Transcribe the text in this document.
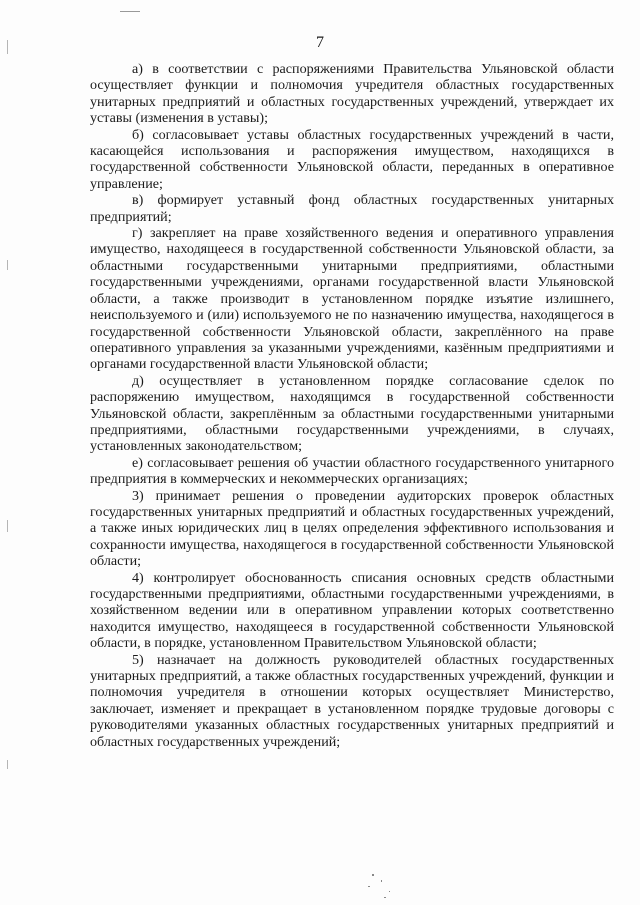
7

а) в соответствии с распоряжениями Правительства Ульяновской области осуществляет функции и полномочия учредителя областных государственных унитарных предприятий и областных государственных учреждений, утверждает их уставы (изменения в уставы);

б) согласовывает уставы областных государственных учреждений в части, касающейся использования и распоряжения имуществом, находящихся в государственной собственности Ульяновской области, переданных в оперативное управление;

в) формирует уставный фонд областных государственных унитарных предприятий;

г) закрепляет на праве хозяйственного ведения и оперативного управления имущество, находящееся в государственной собственности Ульяновской области, за областными государственными унитарными предприятиями, областными государственными учреждениями, органами государственной власти Ульяновской области, а также производит в установленном порядке изъятие излишнего, неиспользуемого и (или) используемого не по назначению имущества, находящегося в государственной собственности Ульяновской области, закреплённого на праве оперативного управления за указанными учреждениями, казённым предприятиями и органами государственной власти Ульяновской области;

д) осуществляет в установленном порядке согласование сделок по распоряжению имуществом, находящимся в государственной собственности Ульяновской области, закреплённым за областными государственными унитарными предприятиями, областными государственными учреждениями, в случаях, установленных законодательством;

е) согласовывает решения об участии областного государственного унитарного предприятия в коммерческих и некоммерческих организациях;

3) принимает решения о проведении аудиторских проверок областных государственных унитарных предприятий и областных государственных учреждений, а также иных юридических лиц в целях определения эффективного использования и сохранности имущества, находящегося в государственной собственности Ульяновской области;

4) контролирует обоснованность списания основных средств областными государственными предприятиями, областными государственными учреждениями, в хозяйственном ведении или в оперативном управлении которых соответственно находится имущество, находящееся в государственной собственности Ульяновской области, в порядке, установленном Правительством Ульяновской области;

5) назначает на должность руководителей областных государственных унитарных предприятий, а также областных государственных учреждений, функции и полномочия учредителя в отношении которых осуществляет Министерство, заключает, изменяет и прекращает в установленном порядке трудовые договоры с руководителями указанных областных государственных унитарных предприятий и областных государственных учреждений;
